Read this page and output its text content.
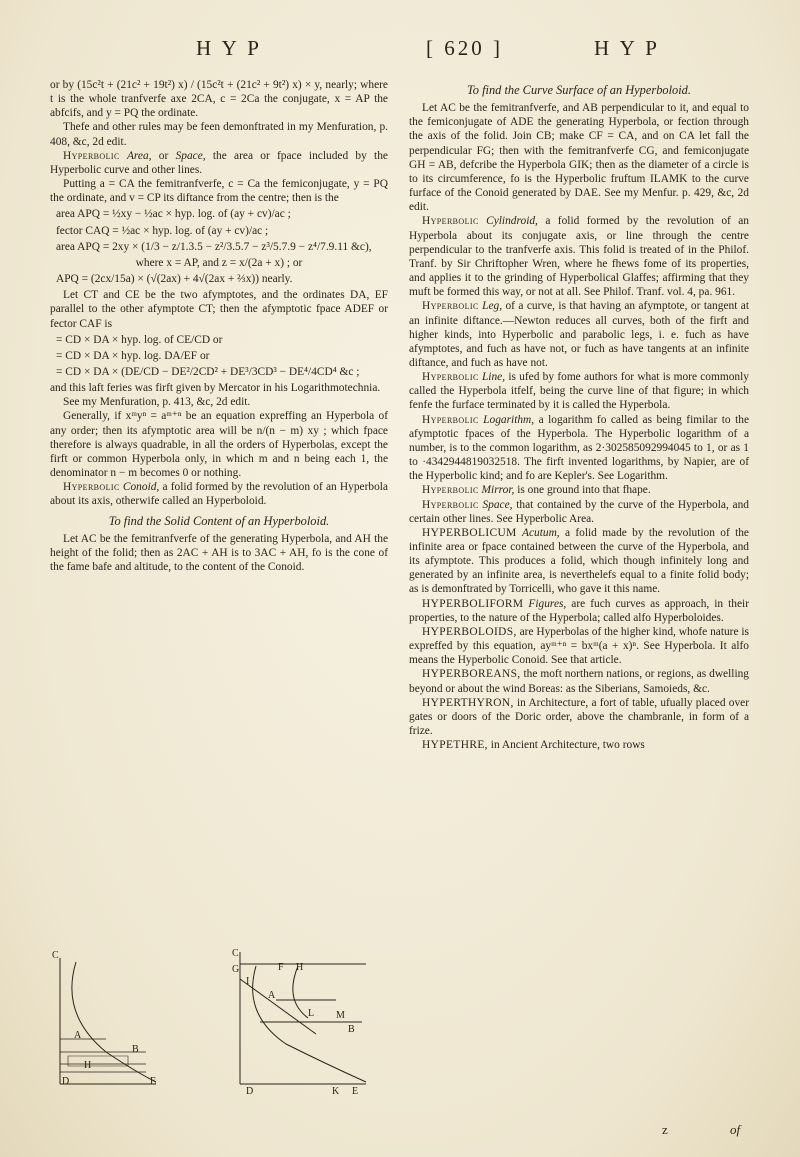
H Y P	[ 620 ]	H Y P

or by (15c²t + (21c² + 19t²) x) / (15c²t + (21c² + 9t²) x) × y, nearly; where t is the whole tranfverfe axe 2CA, c = 2Ca the conjugate, x = AP the abfcifs, and y = PQ the ordinate.

Thefe and other rules may be feen demonftrated in my Menfuration, p. 408, &c, 2d edit.

Hyperbolic Area, or Space, the area or fpace included by the Hyperbolic curve and other lines.

Putting a = CA the femitranfverfe, c = Ca the femiconjugate, y = PQ the ordinate, and v = CP its diftance from the centre; then is the

area APQ = ½xy − ½ac × hyp. log. of (ay + cv)/ac ;

fector CAQ = ½ac × hyp. log. of (ay + cv)/ac ;

area APQ = 2xy × (1/3 − z/1.3.5 − z²/3.5.7 − z³/5.7.9 − z⁴/7.9.11 &c),

where x = AP, and z = x/(2a + x) ; or

APQ = (2cx/15a) × (√(2ax) + 4√(2ax + ⅔x)) nearly.

Let CT and CE be the two afymptotes, and the ordinates DA, EF parallel to the other afymptote CT; then the afymptotic fpace ADEF or fector CAF is

= CD × DA × hyp. log. of CE/CD or

= CD × DA × hyp. log. DA/EF or

= CD × DA × (DE/CD − DE²/2CD² + DE³/3CD³ − DE⁴/4CD⁴ &c ;

and this laft feries was firft given by Mercator in his Logarithmotechnia.

See my Menfuration, p. 413, &c, 2d edit.

Generally, if xᵐyⁿ = aᵐ⁺ⁿ be an equation expreffing an Hyperbola of any order; then its afymptotic area will be n/(n − m) xy ; which fpace therefore is always quadrable, in all the orders of Hyperbolas, except the firft or common Hyperbola only, in which m and n being each 1, the denominator n − m becomes 0 or nothing.

Hyperbolic Conoid, a folid formed by the revolution of an Hyperbola about its axis, otherwife called an Hyperboloid.

To find the Solid Content of an Hyperboloid.

Let AC be the femitranfverfe of the generating Hyperbola, and AH the height of the folid; then as 2AC + AH is to 3AC + AH, fo is the cone of the fame bafe and altitude, to the content of the Conoid.

To find the Curve Surface of an Hyperboloid.

Let AC be the femitranfverfe, and AB perpendicular to it, and equal to the femiconjugate of ADE the generating Hyperbola, or fection through the axis of the folid. Join CB; make CF = CA, and on CA let fall the perpendicular FG; then with the femitranfverfe CG, and femiconjugate GH = AB, defcribe the Hyperbola GIK; then as the diameter of a circle is to its circumference, fo is the Hyperbolic fruftum ILAMK to the curve furface of the Conoid generated by DAE. See my Menfur. p. 429, &c, 2d edit.

Hyperbolic Cylindroid, a folid formed by the revolution of an Hyperbola about its conjugate axis, or line through the centre perpendicular to the tranfverfe axis. This folid is treated of in the Philof. Tranf. by Sir Chriftopher Wren, where he fhews fome of its properties, and applies it to the grinding of Hyperbolical Glaffes; affirming that they muft be formed this way, or not at all. See Philof. Tranf. vol. 4, pa. 961.

Hyperbolic Leg, of a curve, is that having an afymptote, or tangent at an infinite diftance.—Newton reduces all curves, both of the firft and higher kinds, into Hyperbolic and parabolic legs, i. e. fuch as have afymptotes, and fuch as have not, or fuch as have tangents at an infinite diftance, and fuch as have not.

Hyperbolic Line, is ufed by fome authors for what is more commonly called the Hyperbola itfelf, being the curve line of that figure; in which fenfe the furface terminated by it is called the Hyperbola.

Hyperbolic Logarithm, a logarithm fo called as being fimilar to the afymptotic fpaces of the Hyperbola. The Hyperbolic logarithm of a number, is to the common logarithm, as 2·302585092994045 to 1, or as 1 to ·4342944819032518. The firft invented logarithms, by Napier, are of the Hyperbolic kind; and fo are Kepler's. See Logarithm.

Hyperbolic Mirror, is one ground into that fhape.

Hyperbolic Space, that contained by the curve of the Hyperbola, and certain other lines. See Hyperbolic Area.

HYPERBOLICUM Acutum, a folid made by the revolution of the infinite area or fpace contained between the curve of the Hyperbola, and its afymptote. This produces a folid, which though infinitely long and generated by an infinite area, is neverthelefs equal to a finite folid body; as is demonftrated by Torricelli, who gave it this name.

HYPERBOLIFORM Figures, are fuch curves as approach, in their properties, to the nature of the Hyperbola; called alfo Hyperboloides.

HYPERBOLOIDS, are Hyperbolas of the higher kind, whofe nature is expreffed by this equation, ayᵐ⁺ⁿ = bxᵐ(a + x)ⁿ. See Hyperbola. It alfo means the Hyperbolic Conoid. See that article.

HYPERBOREANS, the moft northern nations, or regions, as dwelling beyond or about the wind Boreas: as the Siberians, Samoieds, &c.

HYPERTHYRON, in Architecture, a fort of table, ufually placed over gates or doors of the Doric order, above the chambranle, in form of a frize.

HYPETHRE, in Ancient Architecture, two rows

C
A
D	E
H
B
C
G	F H
I
A
L M
B
D	K E
z	of
